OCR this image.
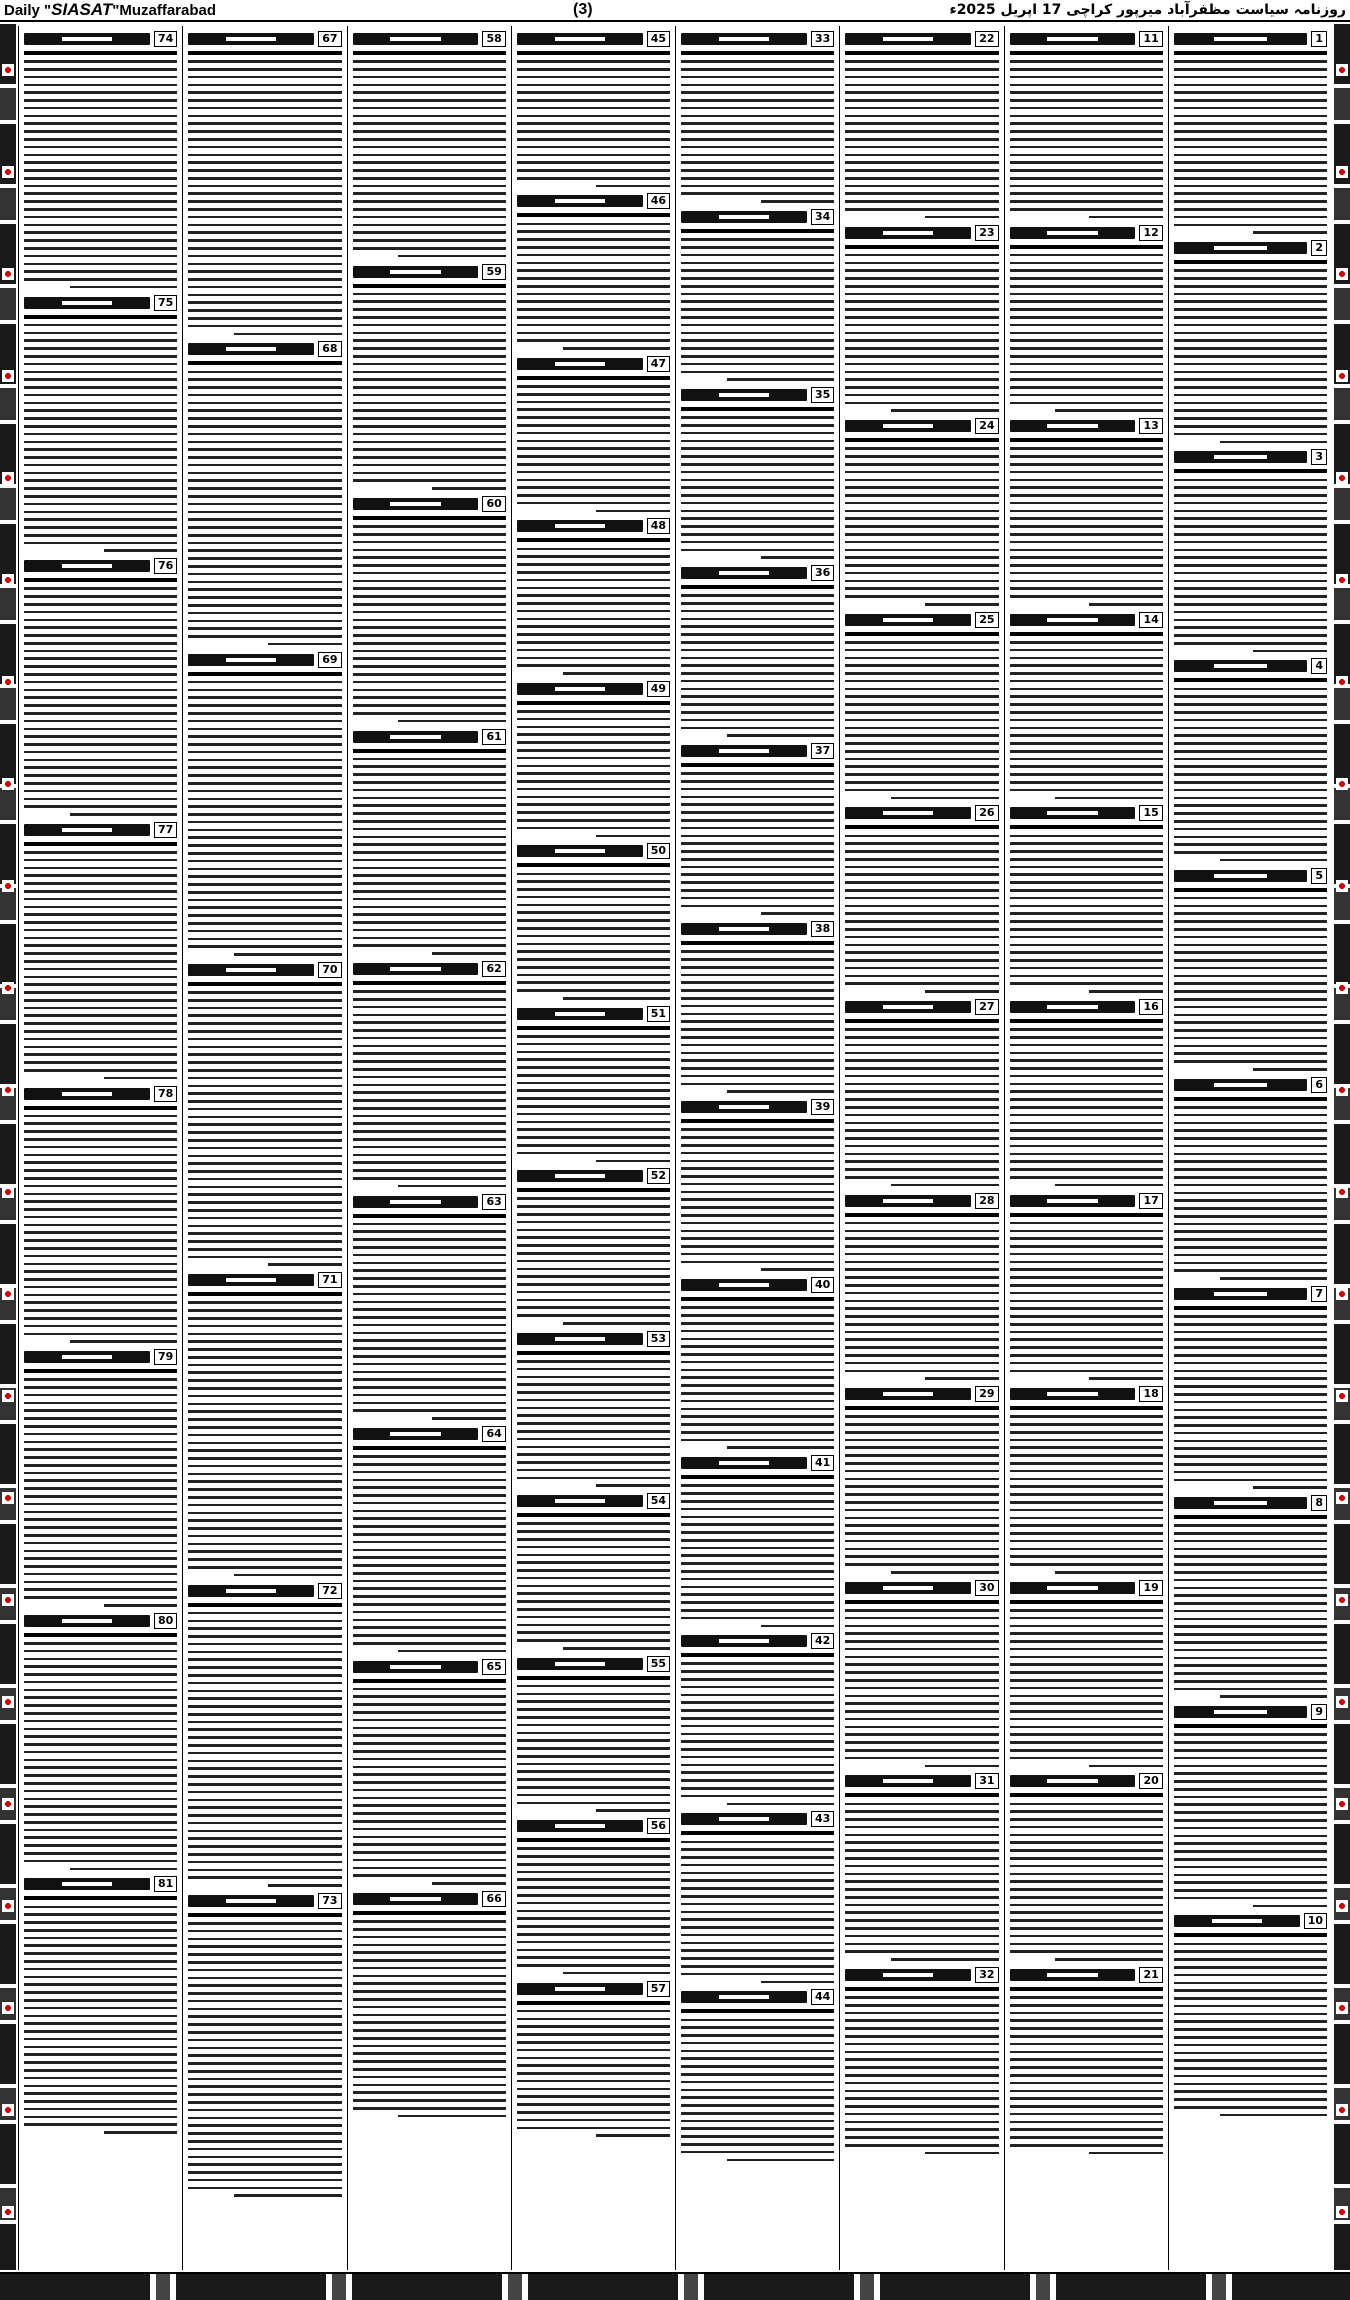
Daily "SIASAT"Muzaffarabad	(3)	روزنامہ سیاست مظفرآباد میرپور کراچی 17 اپریل 2025ء
1
2
3
4
5
6
7
8
9
10
11
12
13
14
15
16
17
18
19
20
21
22
23
24
25
26
27
28
29
30
31
32
33
34
35
36
37
38
39
40
41
42
43
44
45
46
47
48
49
50
51
52
53
54
55
56
57
58
59
60
61
62
63
64
65
66
67
68
69
70
71
72
73
74
75
76
77
78
79
80
81
